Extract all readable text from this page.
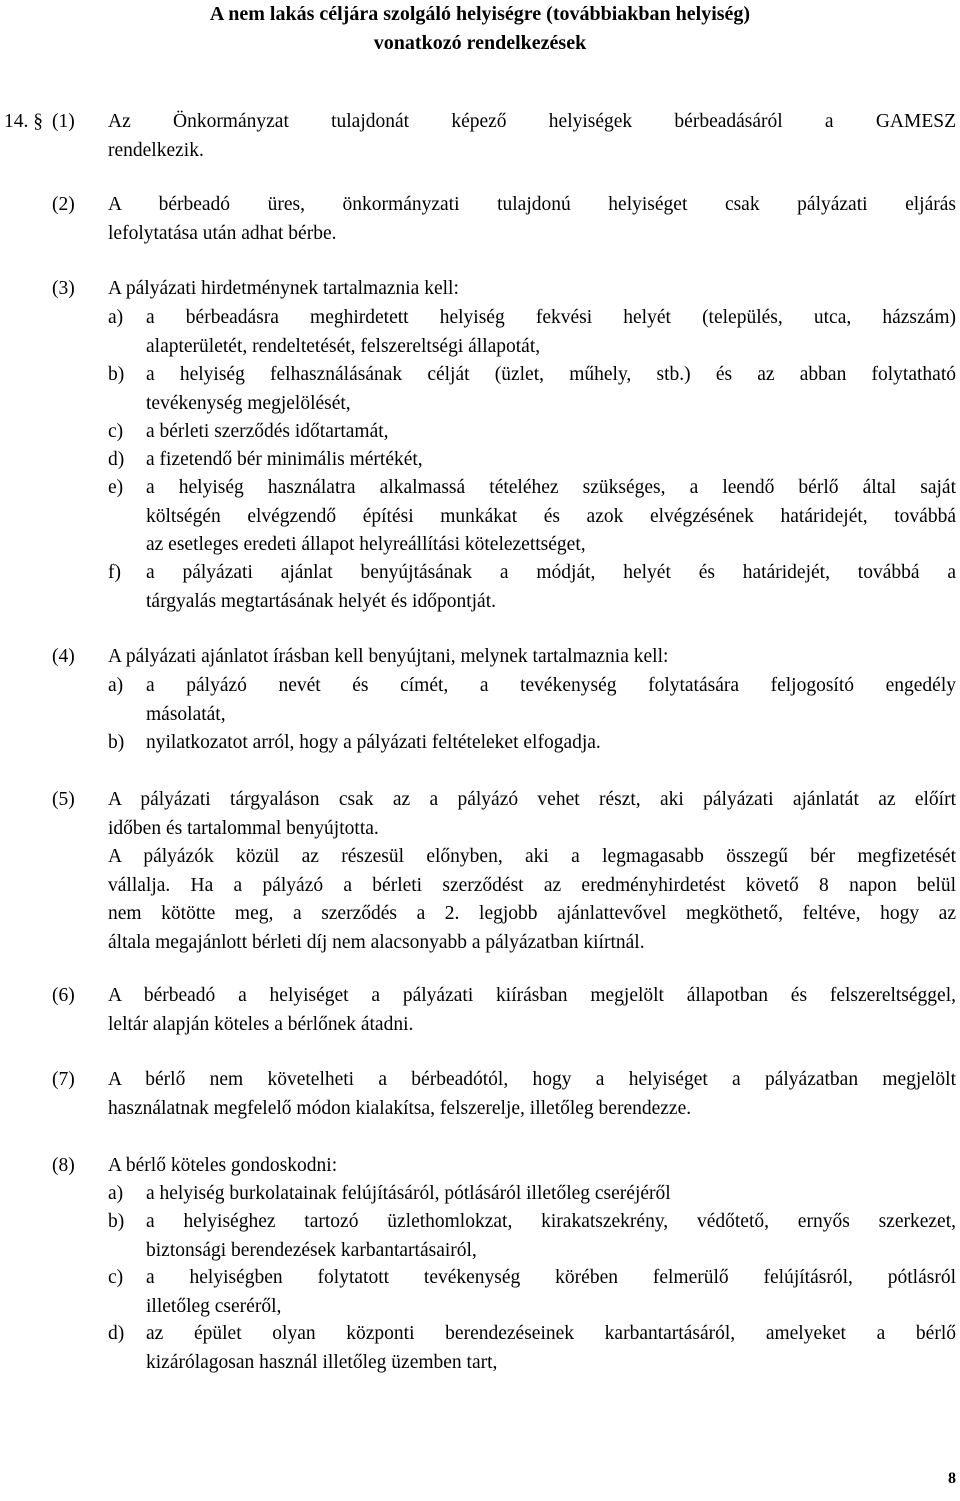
A nem lakás céljára szolgáló helyiségre (továbbiakban helyiség)
vonatkozó rendelkezések
14. § (1) Az Önkormányzat tulajdonát képező helyiségek bérbeadásáról a GAMESZ
rendelkezik.
(2) A bérbeadó üres, önkormányzati tulajdonú helyiséget csak pályázati eljárás
lefolytatása után adhat bérbe.
(3) A pályázati hirdetménynek tartalmaznia kell:
a) a bérbeadásra meghirdetett helyiség fekvési helyét (település, utca, házszám)
alapterületét, rendeltetését, felszereltségi állapotát,
b) a helyiség felhasználásának célját (üzlet, műhely, stb.) és az abban folytatható
tevékenység megjelölését,
c) a bérleti szerződés időtartamát,
d) a fizetendő bér minimális mértékét,
e) a helyiség használatra alkalmassá tételéhez szükséges, a leendő bérlő által saját
költségén elvégzendő építési munkákat és azok elvégzésének határidejét, továbbá
az esetleges eredeti állapot helyreállítási kötelezettséget,
f) a pályázati ajánlat benyújtásának a módját, helyét és határidejét, továbbá a
tárgyalás megtartásának helyét és időpontját.
(4) A pályázati ajánlatot írásban kell benyújtani, melynek tartalmaznia kell:
a) a pályázó nevét és címét, a tevékenység folytatására feljogosító engedély
másolatát,
b) nyilatkozatot arról, hogy a pályázati feltételeket elfogadja.
(5) A pályázati tárgyaláson csak az a pályázó vehet részt, aki pályázati ajánlatát az előírt
időben és tartalommal benyújtotta.
A pályázók közül az részesül előnyben, aki a legmagasabb összegű bér megfizetését
vállalja. Ha a pályázó a bérleti szerződést az eredményhirdetést követő 8 napon belül
nem kötötte meg, a szerződés a 2. legjobb ajánlattevővel megköthető, feltéve, hogy az
általa megajánlott bérleti díj nem alacsonyabb a pályázatban kiírtnál.
(6) A bérbeadó a helyiséget a pályázati kiírásban megjelölt állapotban és felszereltséggel,
leltár alapján köteles a bérlőnek átadni.
(7) A bérlő nem követelheti a bérbeadótól, hogy a helyiséget a pályázatban megjelölt
használatnak megfelelő módon kialakítsa, felszerelje, illetőleg berendezze.
(8) A bérlő köteles gondoskodni:
a) a helyiség burkolatainak felújításáról, pótlásáról illetőleg cseréjéről
b) a helyiséghez tartozó üzlethomlokzat, kirakatszekrény, védőtető, ernyős szerkezet,
biztonsági berendezések karbantartásairól,
c) a helyiségben folytatott tevékenység körében felmerülő felújításról, pótlásról
illetőleg cseréről,
d) az épület olyan központi berendezéseinek karbantartásáról, amelyeket a bérlő
kizárólagosan használ illetőleg üzemben tart,
8
